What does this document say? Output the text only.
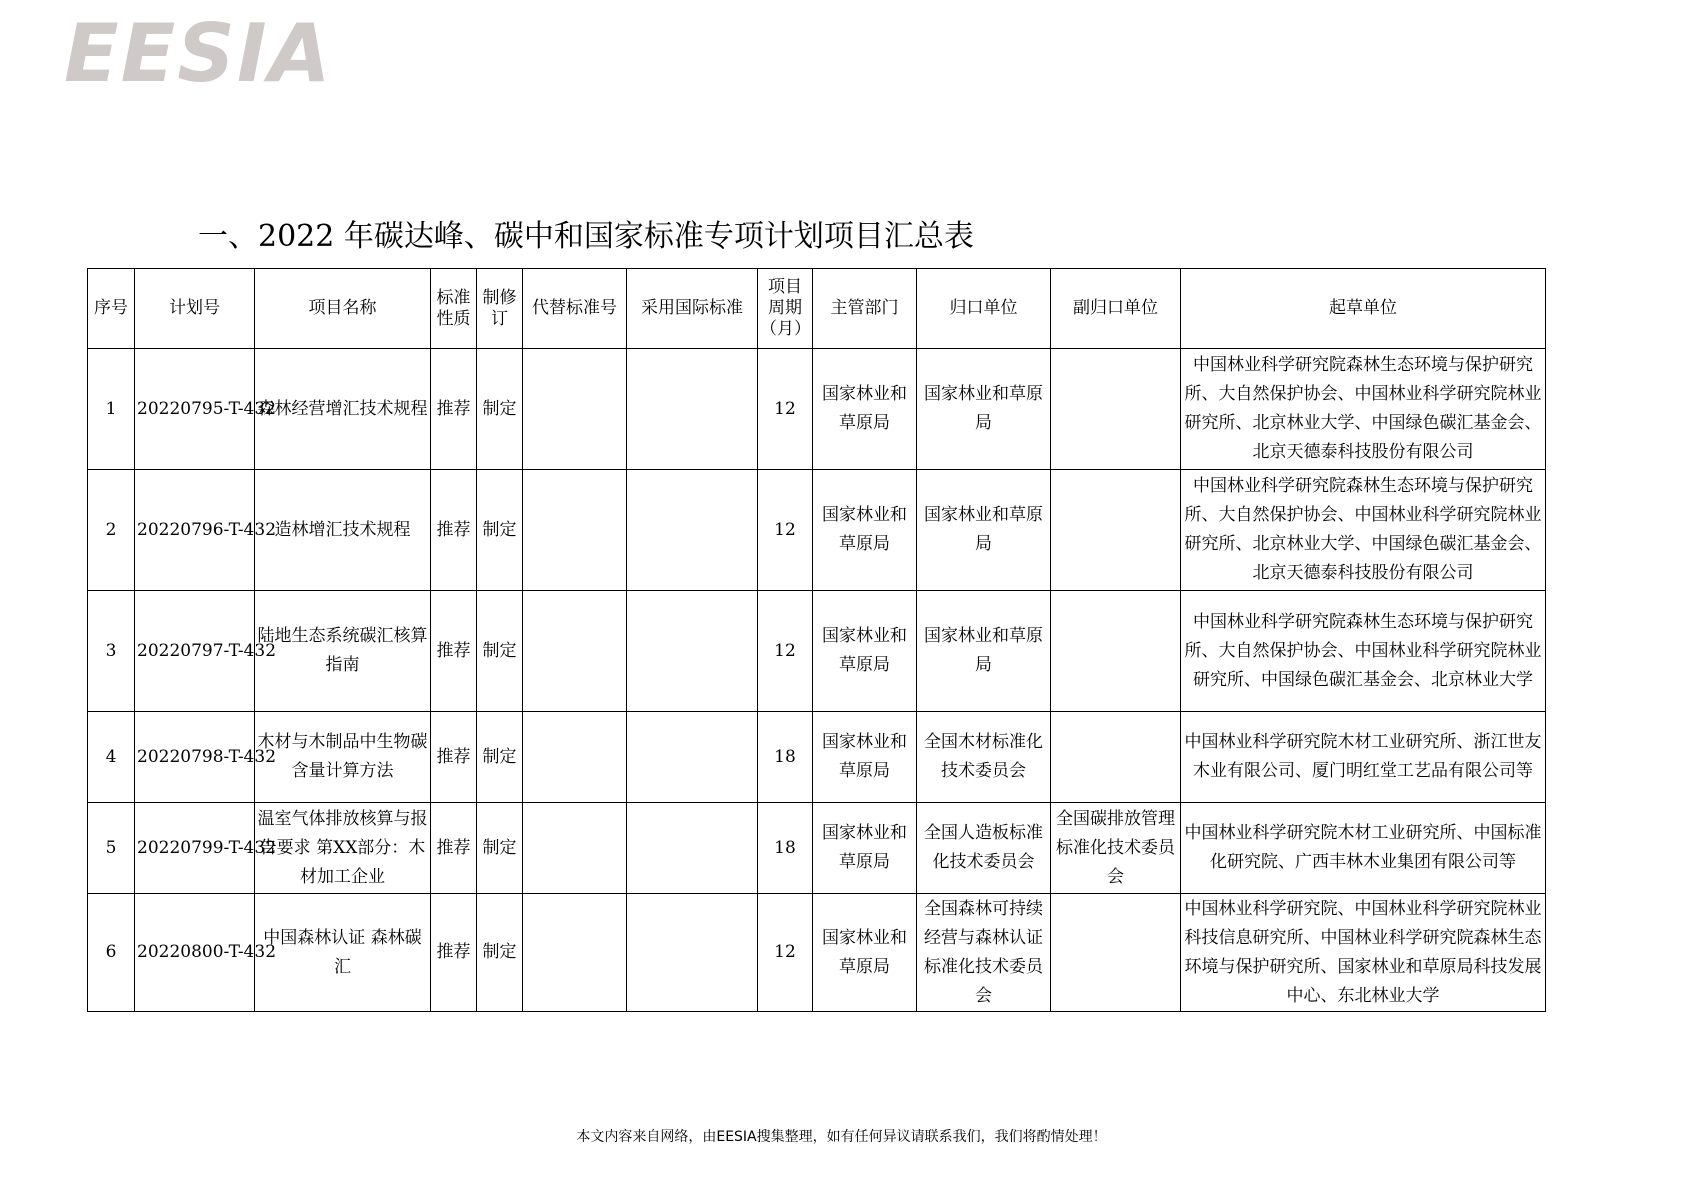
EESIA
一、2022 年碳达峰、碳中和国家标准专项计划项目汇总表
序号	计划号	项目名称	标准性质	制修订	代替标准号	采用国际标准	项目周期（月）	主管部门	归口单位	副归口单位	起草单位
1	20220795-T-432	森林经营增汇技术规程	推荐	制定			12	国家林业和草原局	国家林业和草原局		中国林业科学研究院森林生态环境与保护研究所、大自然保护协会、中国林业科学研究院林业研究所、北京林业大学、中国绿色碳汇基金会、北京天德泰科技股份有限公司
2	20220796-T-432	造林增汇技术规程	推荐	制定			12	国家林业和草原局	国家林业和草原局		中国林业科学研究院森林生态环境与保护研究所、大自然保护协会、中国林业科学研究院林业研究所、北京林业大学、中国绿色碳汇基金会、北京天德泰科技股份有限公司
3	20220797-T-432	陆地生态系统碳汇核算指南	推荐	制定			12	国家林业和草原局	国家林业和草原局		中国林业科学研究院森林生态环境与保护研究所、大自然保护协会、中国林业科学研究院林业研究所、中国绿色碳汇基金会、北京林业大学
4	20220798-T-432	木材与木制品中生物碳含量计算方法	推荐	制定			18	国家林业和草原局	全国木材标准化技术委员会		中国林业科学研究院木材工业研究所、浙江世友木业有限公司、厦门明红堂工艺品有限公司等
5	20220799-T-432	温室气体排放核算与报告要求 第XX部分：木材加工企业	推荐	制定			18	国家林业和草原局	全国人造板标准化技术委员会	全国碳排放管理标准化技术委员会	中国林业科学研究院木材工业研究所、中国标准化研究院、广西丰林木业集团有限公司等
6	20220800-T-432	中国森林认证 森林碳汇	推荐	制定			12	国家林业和草原局	全国森林可持续经营与森林认证标准化技术委员会		中国林业科学研究院、中国林业科学研究院林业科技信息研究所、中国林业科学研究院森林生态环境与保护研究所、国家林业和草原局科技发展中心、东北林业大学
本文内容来自网络，由EESIA搜集整理，如有任何异议请联系我们，我们将酌情处理！
